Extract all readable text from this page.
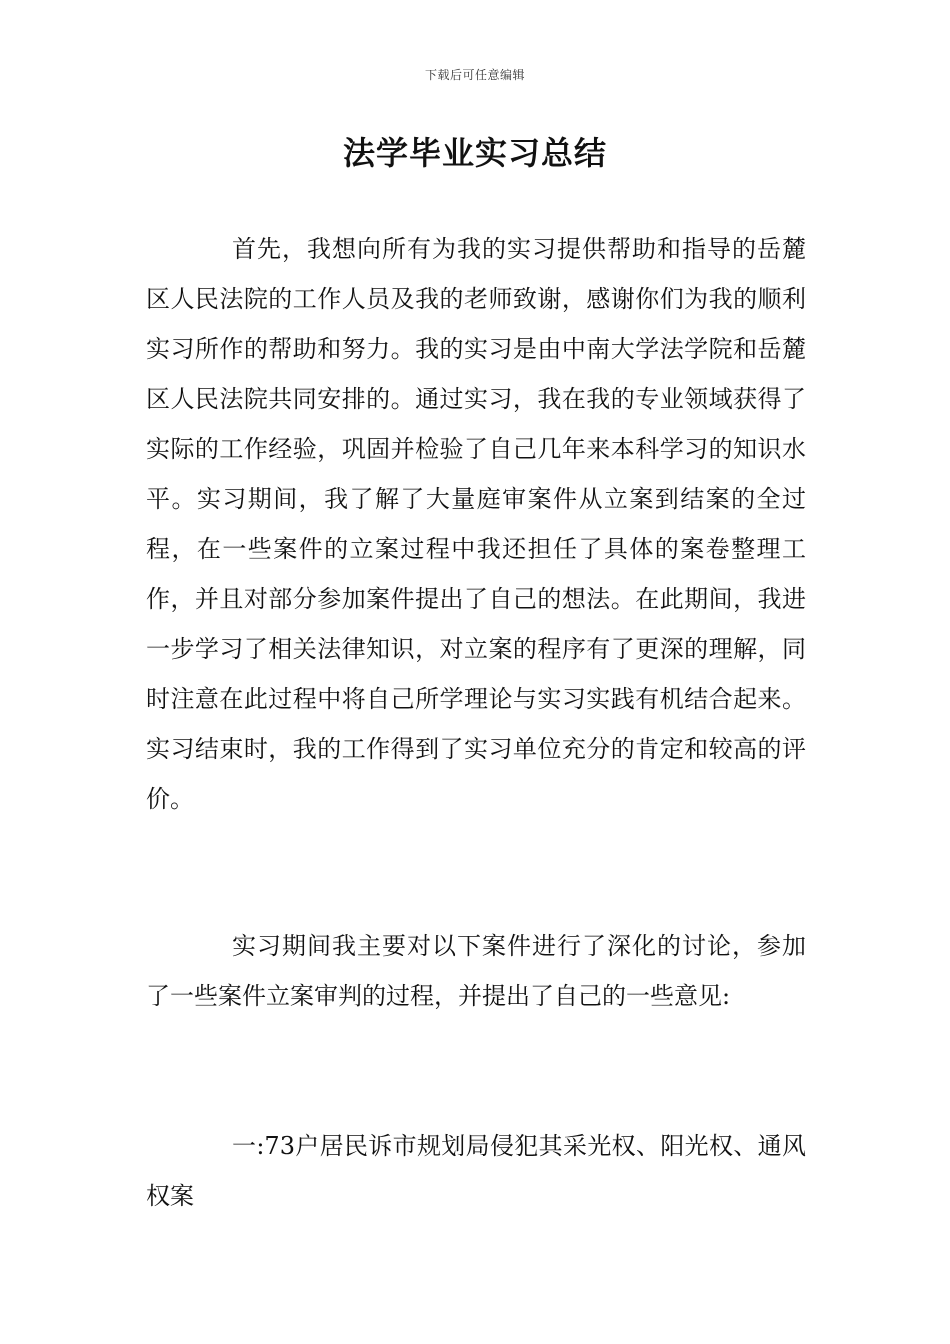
下载后可任意编辑
法学毕业实习总结

首先，我想向所有为我的实习提供帮助和指导的岳麓区人民法院的工作人员及我的老师致谢，感谢你们为我的顺利实习所作的帮助和努力。我的实习是由中南大学法学院和岳麓区人民法院共同安排的。通过实习，我在我的专业领域获得了实际的工作经验，巩固并检验了自己几年来本科学习的知识水平。实习期间，我了解了大量庭审案件从立案到结案的全过程，在一些案件的立案过程中我还担任了具体的案卷整理工作，并且对部分参加案件提出了自己的想法。在此期间，我进一步学习了相关法律知识，对立案的程序有了更深的理解，同时注意在此过程中将自己所学理论与实习实践有机结合起来。实习结束时，我的工作得到了实习单位充分的肯定和较高的评价。

实习期间我主要对以下案件进行了深化的讨论，参加了一些案件立案审判的过程，并提出了自己的一些意见:

一:73户居民诉市规划局侵犯其采光权、阳光权、通风权案
